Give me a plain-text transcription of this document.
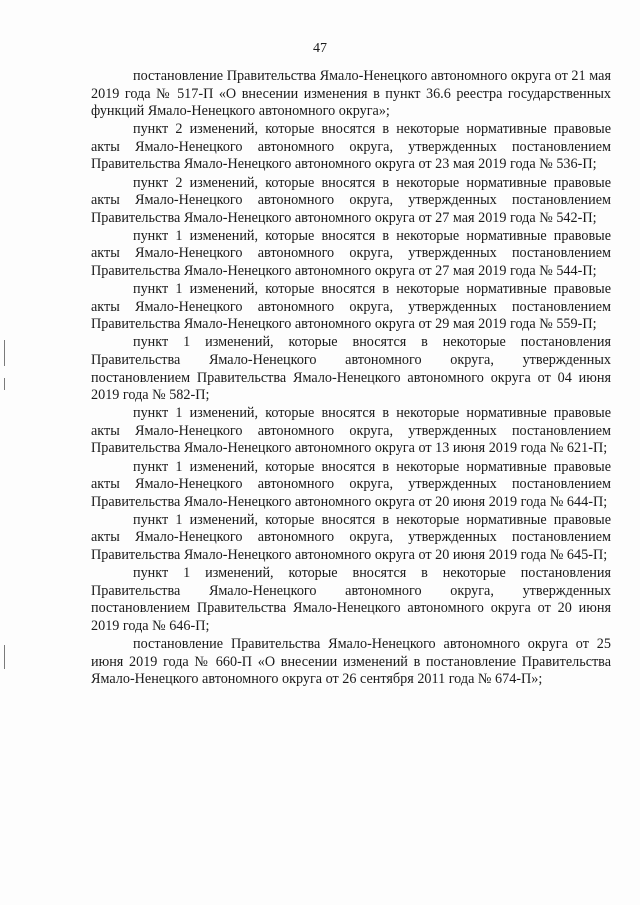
47

постановление Правительства Ямало-Ненецкого автономного округа от 21 мая 2019 года № 517-П «О внесении изменения в пункт 36.6 реестра государственных функций Ямало-Ненецкого автономного округа»;

пункт 2 изменений, которые вносятся в некоторые нормативные правовые акты Ямало-Ненецкого автономного округа, утвержденных постановлением Правительства Ямало-Ненецкого автономного округа от 23 мая 2019 года № 536-П;

пункт 2 изменений, которые вносятся в некоторые нормативные правовые акты Ямало-Ненецкого автономного округа, утвержденных постановлением Правительства Ямало-Ненецкого автономного округа от 27 мая 2019 года № 542-П;

пункт 1 изменений, которые вносятся в некоторые нормативные правовые акты Ямало-Ненецкого автономного округа, утвержденных постановлением Правительства Ямало-Ненецкого автономного округа от 27 мая 2019 года № 544-П;

пункт 1 изменений, которые вносятся в некоторые нормативные правовые акты Ямало-Ненецкого автономного округа, утвержденных постановлением Правительства Ямало-Ненецкого автономного округа от 29 мая 2019 года № 559-П;

пункт 1 изменений, которые вносятся в некоторые постановления Правительства Ямало-Ненецкого автономного округа, утвержденных постановлением Правительства Ямало-Ненецкого автономного округа от 04 июня 2019 года № 582-П;

пункт 1 изменений, которые вносятся в некоторые нормативные правовые акты Ямало-Ненецкого автономного округа, утвержденных постановлением Правительства Ямало-Ненецкого автономного округа от 13 июня 2019 года № 621-П;

пункт 1 изменений, которые вносятся в некоторые нормативные правовые акты Ямало-Ненецкого автономного округа, утвержденных постановлением Правительства Ямало-Ненецкого автономного округа от 20 июня 2019 года № 644-П;

пункт 1 изменений, которые вносятся в некоторые нормативные правовые акты Ямало-Ненецкого автономного округа, утвержденных постановлением Правительства Ямало-Ненецкого автономного округа от 20 июня 2019 года № 645-П;

пункт 1 изменений, которые вносятся в некоторые постановления Правительства Ямало-Ненецкого автономного округа, утвержденных постановлением Правительства Ямало-Ненецкого автономного округа от 20 июня 2019 года № 646-П;

постановление Правительства Ямало-Ненецкого автономного округа от 25 июня 2019 года № 660-П «О внесении изменений в постановление Правительства Ямало-Ненецкого автономного округа от 26 сентября 2011 года № 674-П»;
